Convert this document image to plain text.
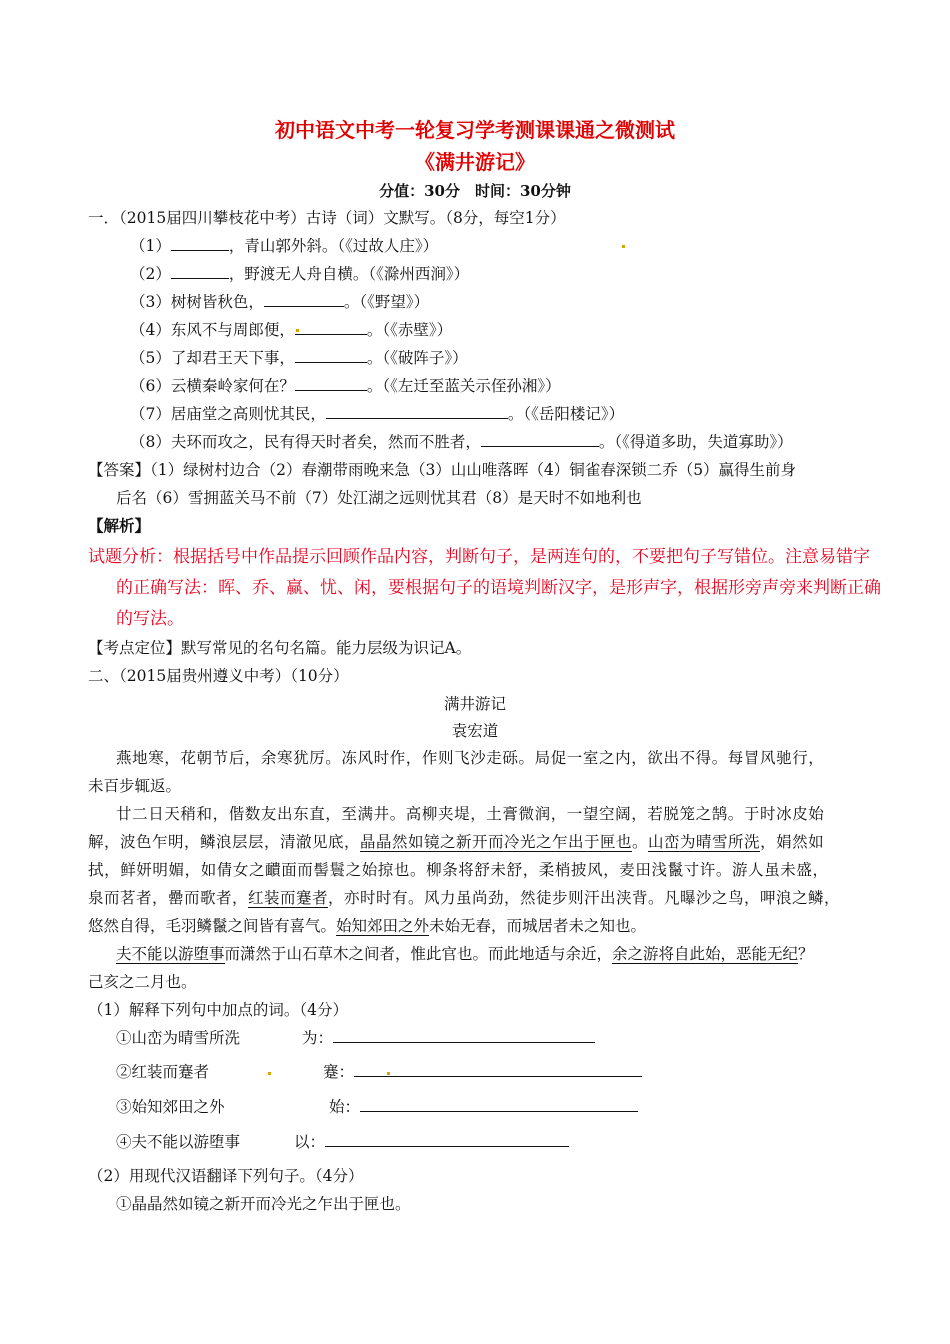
初中语文中考一轮复习学考测课课通之微测试
《满井游记》
分值：30分　时间：30分钟
一．（2015届四川攀枝花中考）古诗（词）文默写。（8分，每空1分）
（1）	，青山郭外斜。（《过故人庄》）
（2）	，野渡无人舟自横。（《滁州西涧》）
（3）树树皆秋色，	。（《野望》）
（4）东风不与周郎便，	。（《赤壁》）
（5）了却君王天下事，	。（《破阵子》）
（6）云横秦岭家何在？	。（《左迁至蓝关示侄孙湘》）
（7）居庙堂之高则忧其民，	。（《岳阳楼记》）
（8）夫环而攻之，民有得天时者矣，然而不胜者，	。（《得道多助，失道寡助》）
【答案】（1）绿树村边合（2）春潮带雨晚来急（3）山山唯落晖（4）铜雀春深锁二乔（5）赢得生前身
后名（6）雪拥蓝关马不前（7）处江湖之远则忧其君（8）是天时不如地利也
【解析】
试题分析：根据括号中作品提示回顾作品内容，判断句子，是两连句的，不要把句子写错位。注意易错字
的正确写法：晖、乔、赢、忧、闲，要根据句子的语境判断汉字，是形声字，根据形旁声旁来判断正确
的写法。
【考点定位】默写常见的名句名篇。能力层级为识记A。
二、（2015届贵州遵义中考）（10分）
满井游记
袁宏道
燕地寒，花朝节后，余寒犹厉。冻风时作，作则飞沙走砾。局促一室之内，欲出不得。每冒风驰行，
未百步辄返。
廿二日天稍和，偕数友出东直，至满井。高柳夹堤，土膏微润，一望空阔，若脱笼之鹄。于时冰皮始
解，波色乍明，鳞浪层层，清澈见底，晶晶然如镜之新开而冷光之乍出于匣也。山峦为晴雪所洗，娟然如
拭，鲜妍明媚，如倩女之靧面而髻鬟之始掠也。柳条将舒未舒，柔梢披风，麦田浅鬣寸许。游人虽未盛，
泉而茗者，罍而歌者，红装而蹇者，亦时时有。风力虽尚劲，然徒步则汗出浃背。凡曝沙之鸟，呷浪之鳞，
悠然自得，毛羽鳞鬣之间皆有喜气。始知郊田之外未始无春，而城居者未之知也。
夫不能以游堕事而潇然于山石草木之间者，惟此官也。而此地适与余近，余之游将自此始，恶能无纪？
己亥之二月也。
（1）解释下列句中加点的词。（4分）
①山峦为晴雪所洗	为：
②红装而蹇者	蹇：
③始知郊田之外	始：
④夫不能以游堕事	以：
（2）用现代汉语翻译下列句子。（4分）
①晶晶然如镜之新开而冷光之乍出于匣也。
